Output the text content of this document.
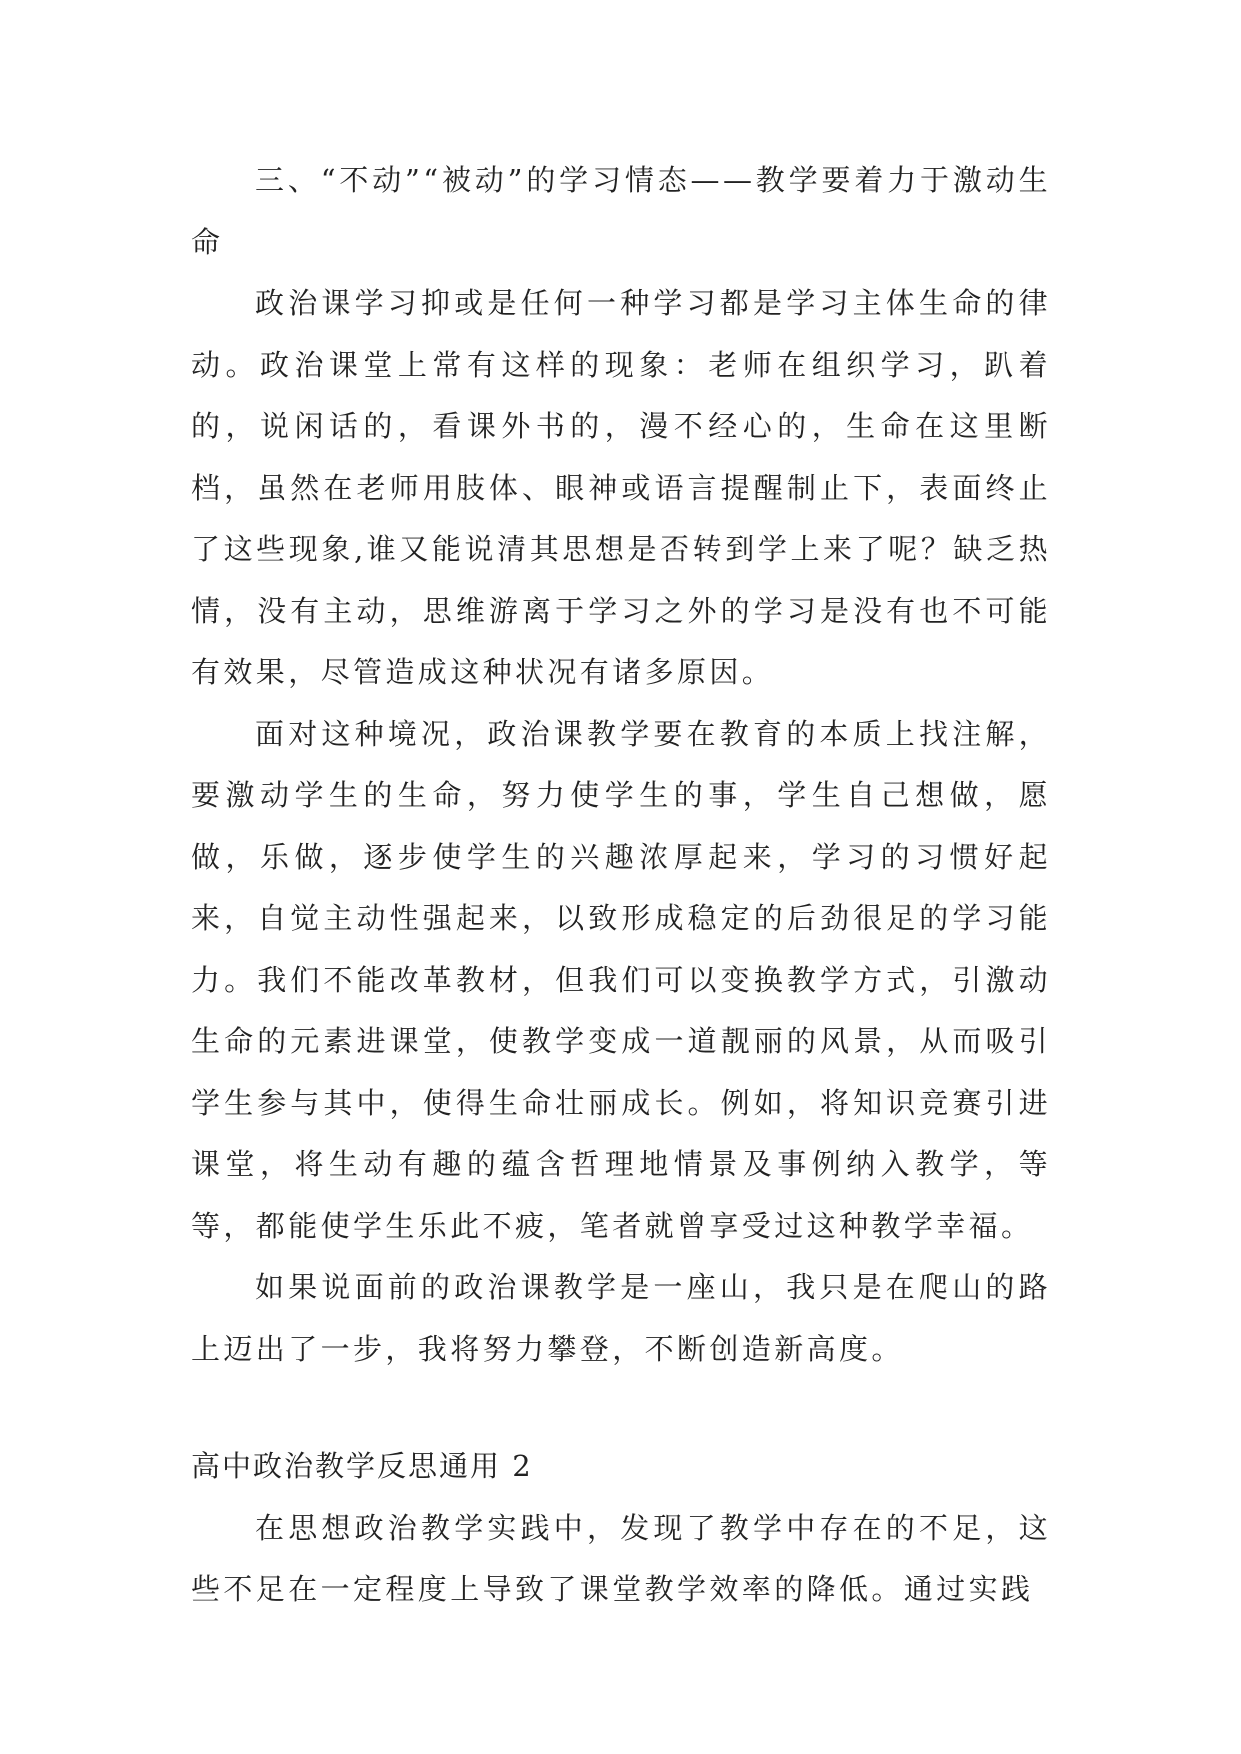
三、“不动”“被动”的学习情态——教学要着力于激动生命

政治课学习抑或是任何一种学习都是学习主体生命的律动。政治课堂上常有这样的现象：老师在组织学习，趴着的，说闲话的，看课外书的，漫不经心的，生命在这里断档，虽然在老师用肢体、眼神或语言提醒制止下，表面终止了这些现象,谁又能说清其思想是否转到学上来了呢？缺乏热情，没有主动，思维游离于学习之外的学习是没有也不可能有效果，尽管造成这种状况有诸多原因。

面对这种境况，政治课教学要在教育的本质上找注解，要激动学生的生命，努力使学生的事，学生自己想做，愿做，乐做，逐步使学生的兴趣浓厚起来，学习的习惯好起来，自觉主动性强起来，以致形成稳定的后劲很足的学习能力。我们不能改革教材，但我们可以变换教学方式，引激动生命的元素进课堂，使教学变成一道靓丽的风景，从而吸引学生参与其中，使得生命壮丽成长。例如，将知识竞赛引进课堂，将生动有趣的蕴含哲理地情景及事例纳入教学，等等，都能使学生乐此不疲，笔者就曾享受过这种教学幸福。

如果说面前的政治课教学是一座山，我只是在爬山的路上迈出了一步，我将努力攀登，不断创造新高度。

高中政治教学反思通用 2

在思想政治教学实践中，发现了教学中存在的不足，这些不足在一定程度上导致了课堂教学效率的降低。通过实践
